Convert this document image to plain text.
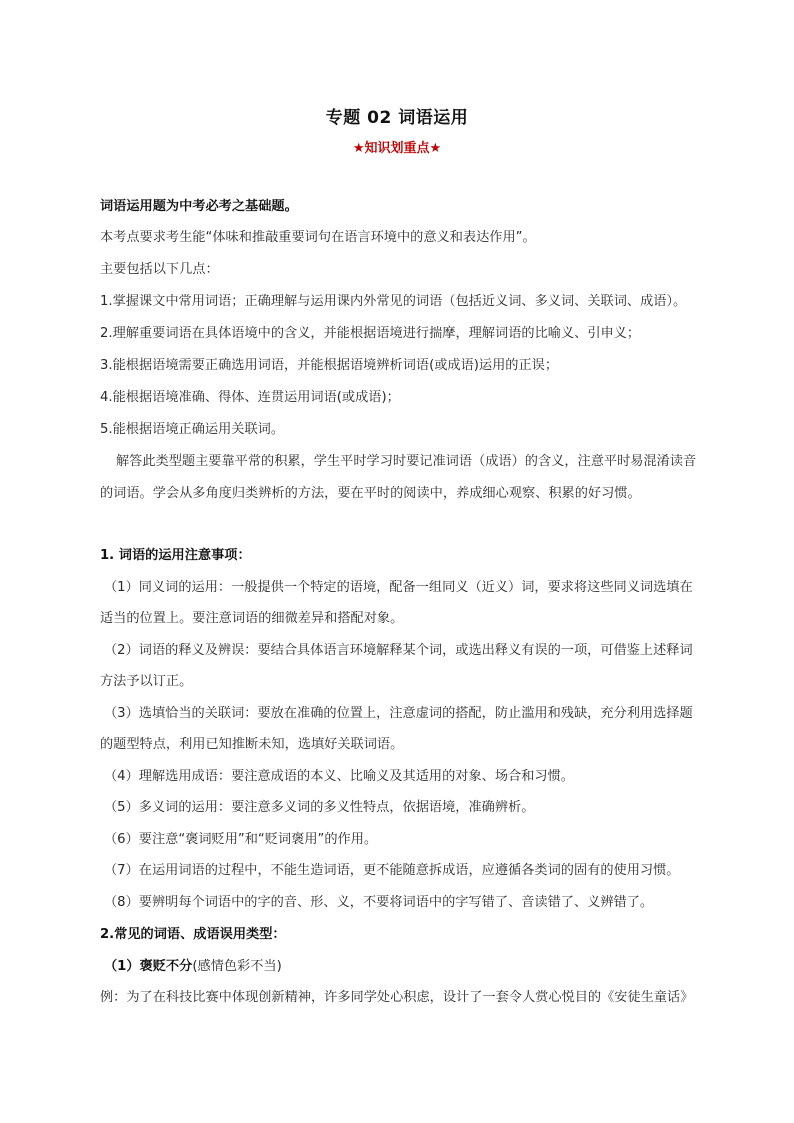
专题 02 词语运用
★知识划重点★
词语运用题为中考必考之基础题。
本考点要求考生能“体味和推敲重要词句在语言环境中的意义和表达作用”。
主要包括以下几点：
1.掌握课文中常用词语；正确理解与运用课内外常见的词语（包括近义词、多义词、关联词、成语）。
2.理解重要词语在具体语境中的含义，并能根据语境进行揣摩，理解词语的比喻义、引申义；
3.能根据语境需要正确选用词语，并能根据语境辨析词语(或成语)运用的正误；
4.能根据语境准确、得体、连贯运用词语(或成语)；
5.能根据语境正确运用关联词。
解答此类型题主要靠平常的积累，学生平时学习时要记准词语（成语）的含义，注意平时易混淆读音
的词语。学会从多角度归类辨析的方法，要在平时的阅读中，养成细心观察、积累的好习惯。
1. 词语的运用注意事项：
（1）同义词的运用：一般提供一个特定的语境，配备一组同义（近义）词，要求将这些同义词选填在
适当的位置上。要注意词语的细微差异和搭配对象。
（2）词语的释义及辨误：要结合具体语言环境解释某个词，或选出释义有误的一项，可借鉴上述释词
方法予以订正。
（3）选填恰当的关联词：要放在准确的位置上，注意虚词的搭配，防止滥用和残缺，充分利用选择题
的题型特点，利用已知推断未知，选填好关联词语。
（4）理解选用成语：要注意成语的本义、比喻义及其适用的对象、场合和习惯。
（5）多义词的运用：要注意多义词的多义性特点，依据语境，准确辨析。
（6）要注意“褒词贬用”和“贬词褒用”的作用。
（7）在运用词语的过程中，不能生造词语，更不能随意拆成语，应遵循各类词的固有的使用习惯。
（8）要辨明每个词语中的字的音、形、义，不要将词语中的字写错了、音读错了、义辨错了。
2.常见的词语、成语误用类型：
（1）褒贬不分(感情色彩不当)
例：为了在科技比赛中体现创新精神，许多同学处心积虑，设计了一套令人赏心悦目的《安徒生童话》
